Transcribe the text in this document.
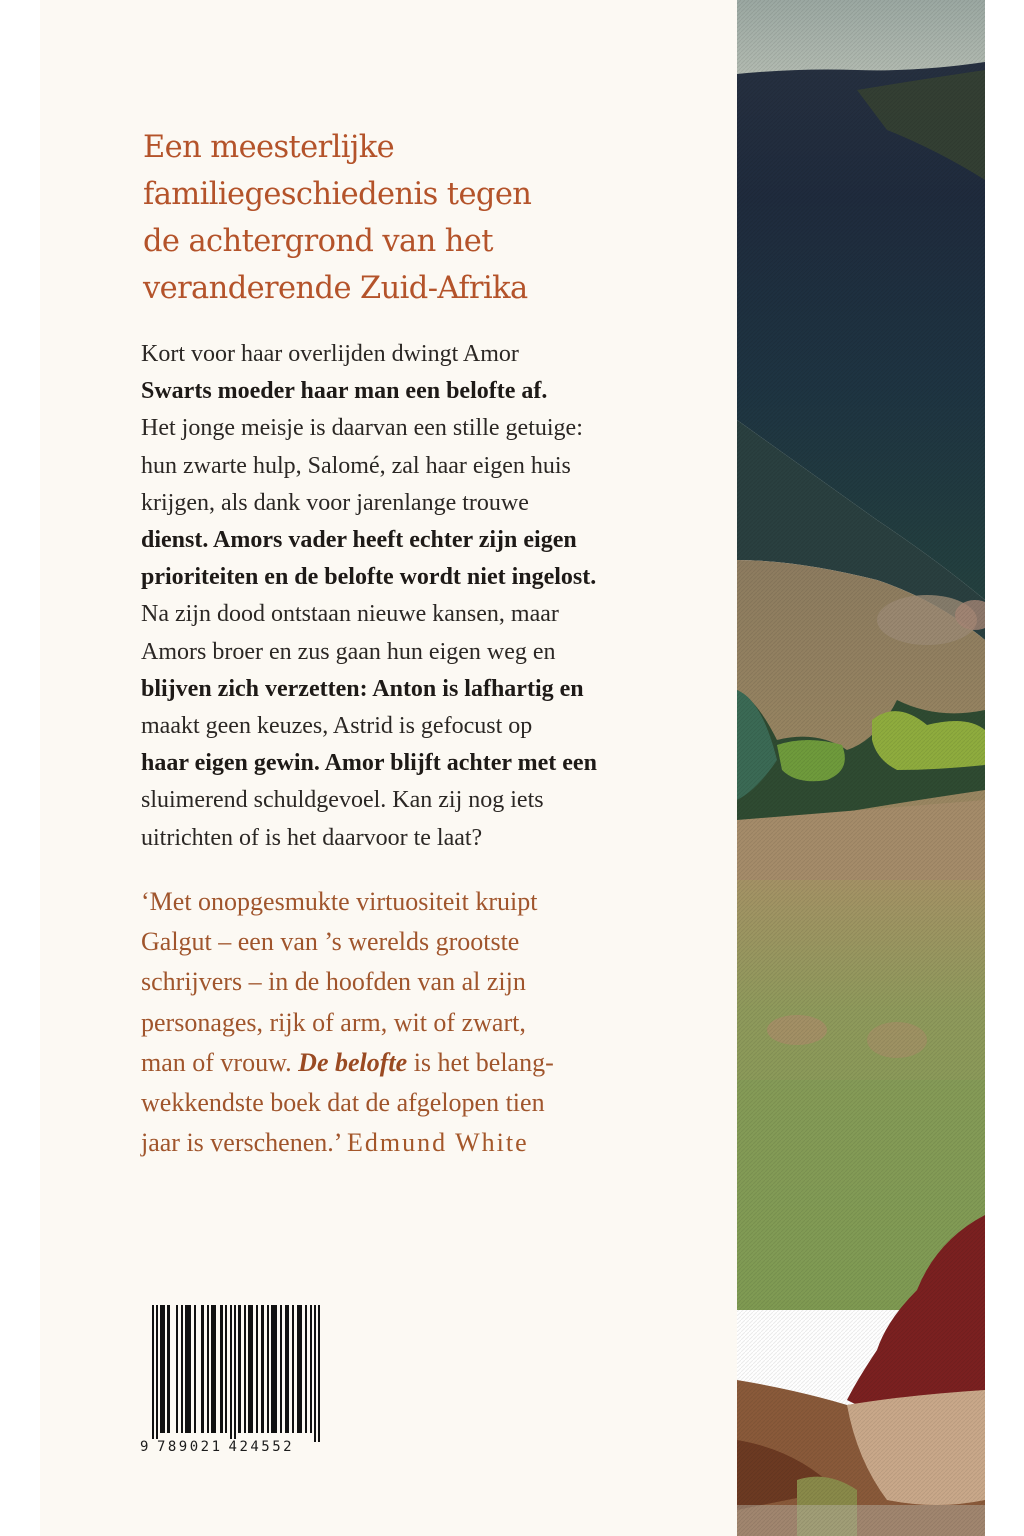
Een meesterlijke
familiegeschiedenis tegen
de achtergrond van het
veranderende Zuid-Afrika

Kort voor haar overlijden dwingt Amor
Swarts moeder haar man een belofte af.
Het jonge meisje is daarvan een stille getuige:
hun zwarte hulp, Salomé, zal haar eigen huis
krijgen, als dank voor jarenlange trouwe
dienst. Amors vader heeft echter zijn eigen
prioriteiten en de belofte wordt niet ingelost.
Na zijn dood ontstaan nieuwe kansen, maar
Amors broer en zus gaan hun eigen weg en
blijven zich verzetten: Anton is lafhartig en
maakt geen keuzes, Astrid is gefocust op
haar eigen gewin. Amor blijft achter met een
sluimerend schuldgevoel. Kan zij nog iets
uitrichten of is het daarvoor te laat?

‘Met onopgesmukte virtuositeit kruipt
Galgut – een van ’s werelds grootste
schrijvers – in de hoofden van al zijn
personages, rijk of arm, wit of zwart,
man of vrouw. De belofte is het belang-
wekkendste boek dat de afgelopen tien
jaar is verschenen.’ Edmund White
9 789021 424552
